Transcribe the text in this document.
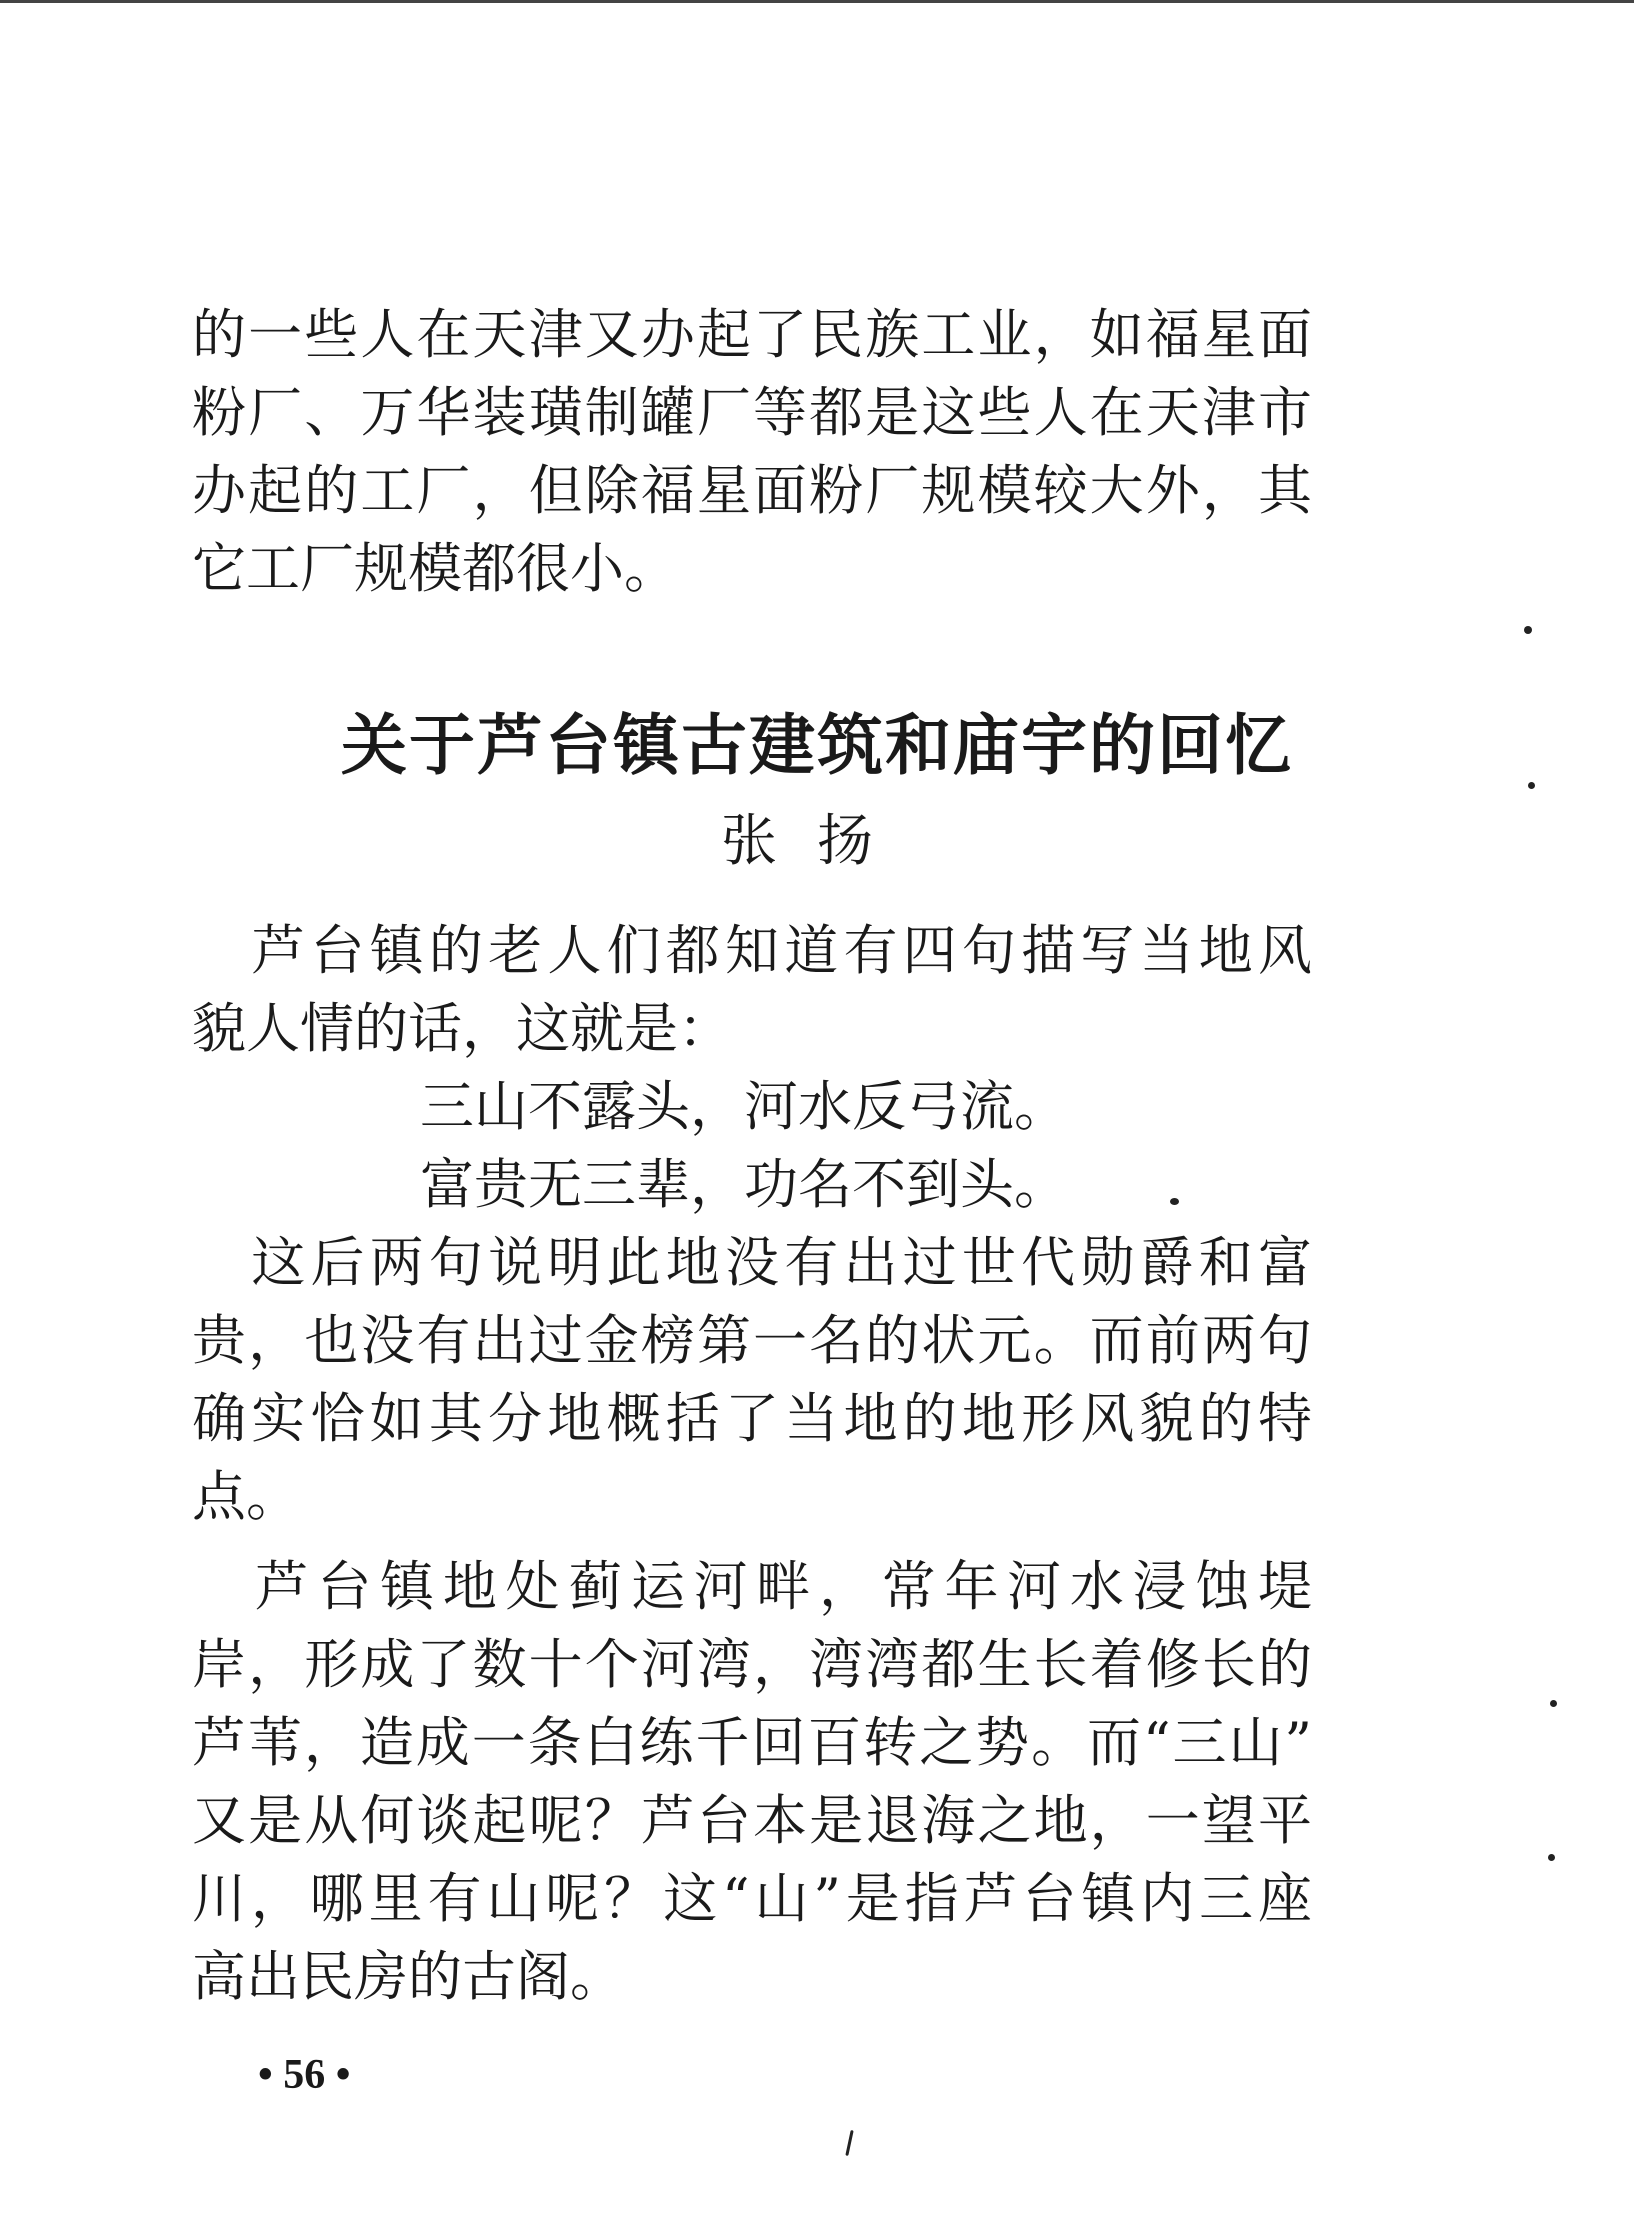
的一些人在天津又办起了民族工业，如福星面
粉厂、万华装璜制罐厂等都是这些人在天津市
办起的工厂，但除福星面粉厂规模较大外，其
它工厂规模都很小。
关于芦台镇古建筑和庙宇的回忆
张扬
　芦台镇的老人们都知道有四句描写当地风
貌人情的话，这就是：
三山不露头，河水反弓流。
富贵无三辈，功名不到头。
　这后两句说明此地没有出过世代勋爵和富
贵，也没有出过金榜第一名的状元。而前两句
确实恰如其分地概括了当地的地形风貌的特
点。
　芦台镇地处蓟运河畔，常年河水浸蚀堤
岸，形成了数十个河湾，湾湾都生长着修长的
芦苇，造成一条白练千回百转之势。而“三山”
又是从何谈起呢？芦台本是退海之地，一望平
川，哪里有山呢？这“山”是指芦台镇内三座
高出民房的古阁。
• 56 •
